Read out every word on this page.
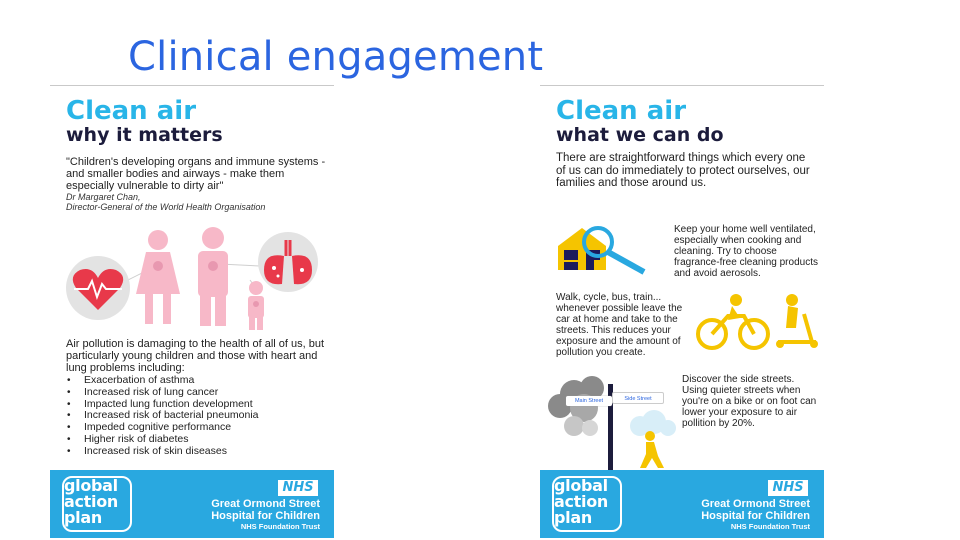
Clinical engagement
Clean air
why it matters
"Children's developing organs and immune systems - and smaller bodies and airways - make them especially vulnerable to dirty air"
Dr Margaret Chan,
Director-General of the World Health Organisation
Air pollution is damaging to the health of all of us, but particularly young children and those with heart and lung problems including:
• Exacerbation of asthma
• Increased risk of lung cancer
• Impacted lung function development
• Increased risk of bacterial pneumonia
• Impeded cognitive performance
• Higher risk of diabetes
• Increased risk of skin diseases
global
action
plan
NHS
Great Ormond Street Hospital for Children
NHS Foundation Trust
Clean air
what we can do
There are straightforward things which every one of us can do immediately to protect ourselves, our families and those around us.
Keep your home well ventilated, especially when cooking and cleaning. Try to choose fragrance-free cleaning products and avoid aerosols.
Walk, cycle, bus, train... whenever possible leave the car at home and take to the streets. This reduces your exposure and the amount of pollution you create.
Main Street	Side Street
Discover the side streets. Using quieter streets when you're on a bike or on foot can lower your exposure to air pollition by 20%.
global
action
plan
NHS
Great Ormond Street Hospital for Children
NHS Foundation Trust
